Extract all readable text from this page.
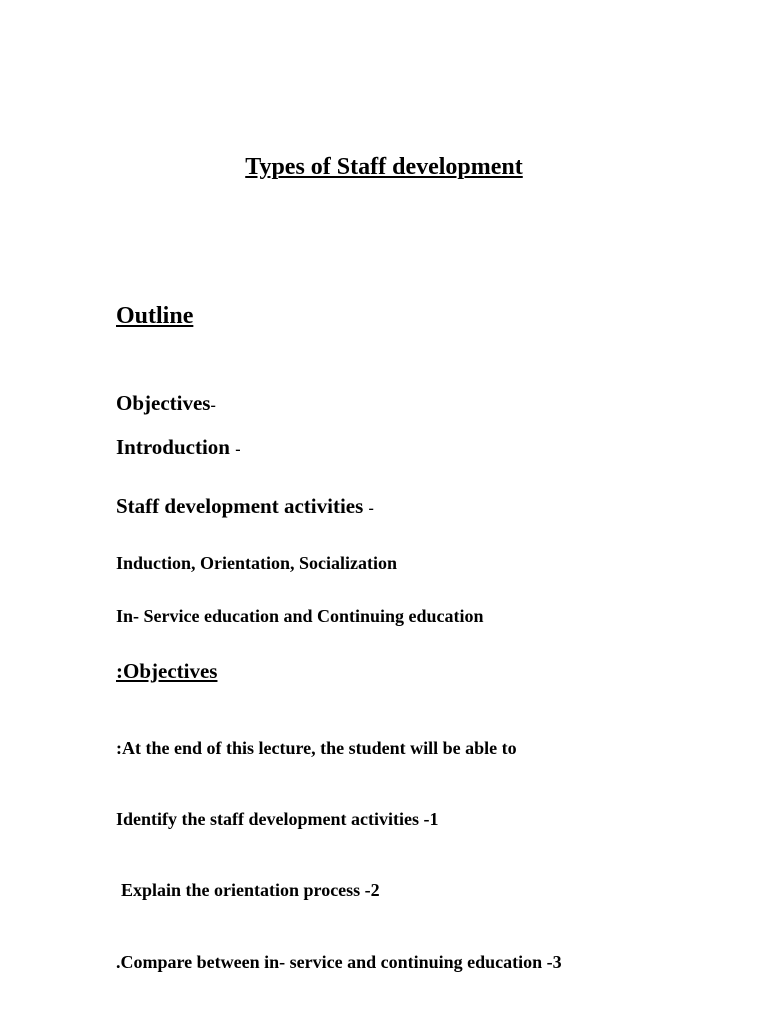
Types of Staff development
Outline
Objectives-
Introduction -
Staff development activities -
Induction, Orientation, Socialization
In- Service education and Continuing education
:Objectives
:At the end of this lecture, the student will be able to
Identify the staff development activities -1
Explain the orientation process -2
.Compare between in- service and continuing education -3
